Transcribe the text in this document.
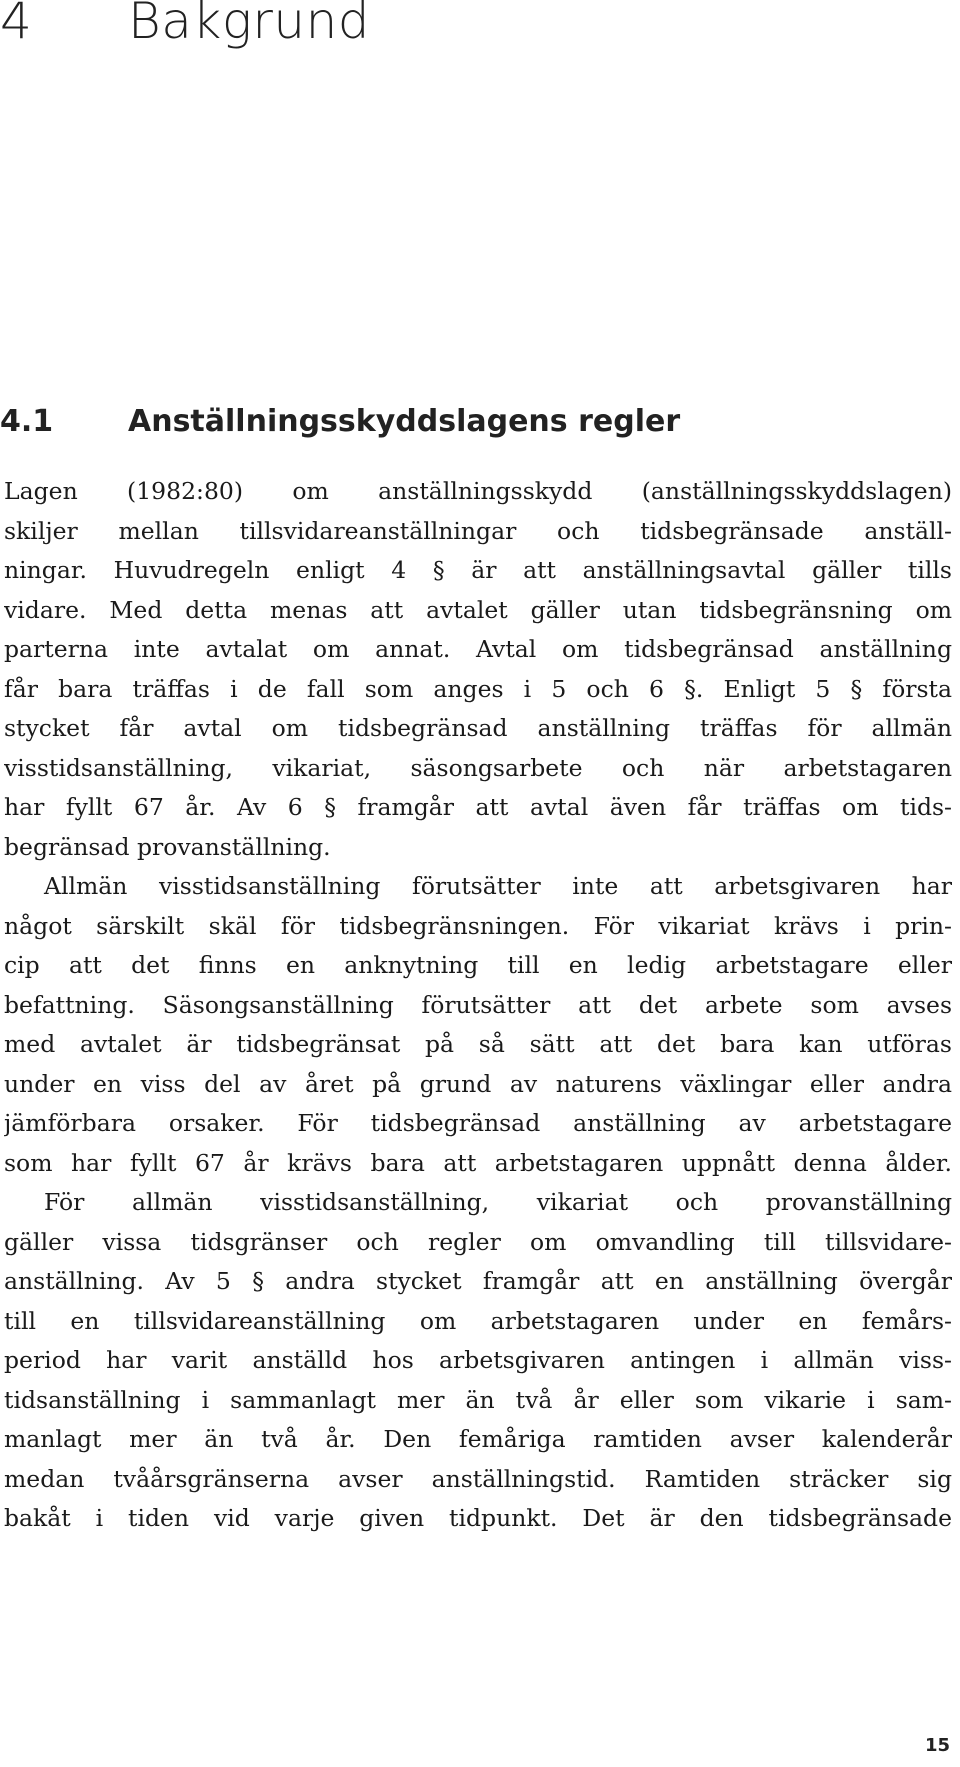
4 Bakgrund
4.1 Anställningsskyddslagens regler
Lagen (1982:80) om anställningsskydd (anställningsskyddslagen)
skiljer mellan tillsvidareanställningar och tidsbegränsade anställ-
ningar. Huvudregeln enligt 4 § är att anställningsavtal gäller tills
vidare. Med detta menas att avtalet gäller utan tidsbegränsning om
parterna inte avtalat om annat. Avtal om tidsbegränsad anställning
får bara träffas i de fall som anges i 5 och 6 §. Enligt 5 § första
stycket får avtal om tidsbegränsad anställning träffas för allmän
visstidsanställning, vikariat, säsongsarbete och när arbetstagaren
har fyllt 67 år. Av 6 § framgår att avtal även får träffas om tids-
begränsad provanställning.
Allmän visstidsanställning förutsätter inte att arbetsgivaren har
något särskilt skäl för tidsbegränsningen. För vikariat krävs i prin-
cip att det finns en anknytning till en ledig arbetstagare eller
befattning. Säsongsanställning förutsätter att det arbete som avses
med avtalet är tidsbegränsat på så sätt att det bara kan utföras
under en viss del av året på grund av naturens växlingar eller andra
jämförbara orsaker. För tidsbegränsad anställning av arbetstagare
som har fyllt 67 år krävs bara att arbetstagaren uppnått denna ålder.
För allmän visstidsanställning, vikariat och provanställning
gäller vissa tidsgränser och regler om omvandling till tillsvidare-
anställning. Av 5 § andra stycket framgår att en anställning övergår
till en tillsvidareanställning om arbetstagaren under en femårs-
period har varit anställd hos arbetsgivaren antingen i allmän viss-
tidsanställning i sammanlagt mer än två år eller som vikarie i sam-
manlagt mer än två år. Den femåriga ramtiden avser kalenderår
medan tvåårsgränserna avser anställningstid. Ramtiden sträcker sig
bakåt i tiden vid varje given tidpunkt. Det är den tidsbegränsade
15
